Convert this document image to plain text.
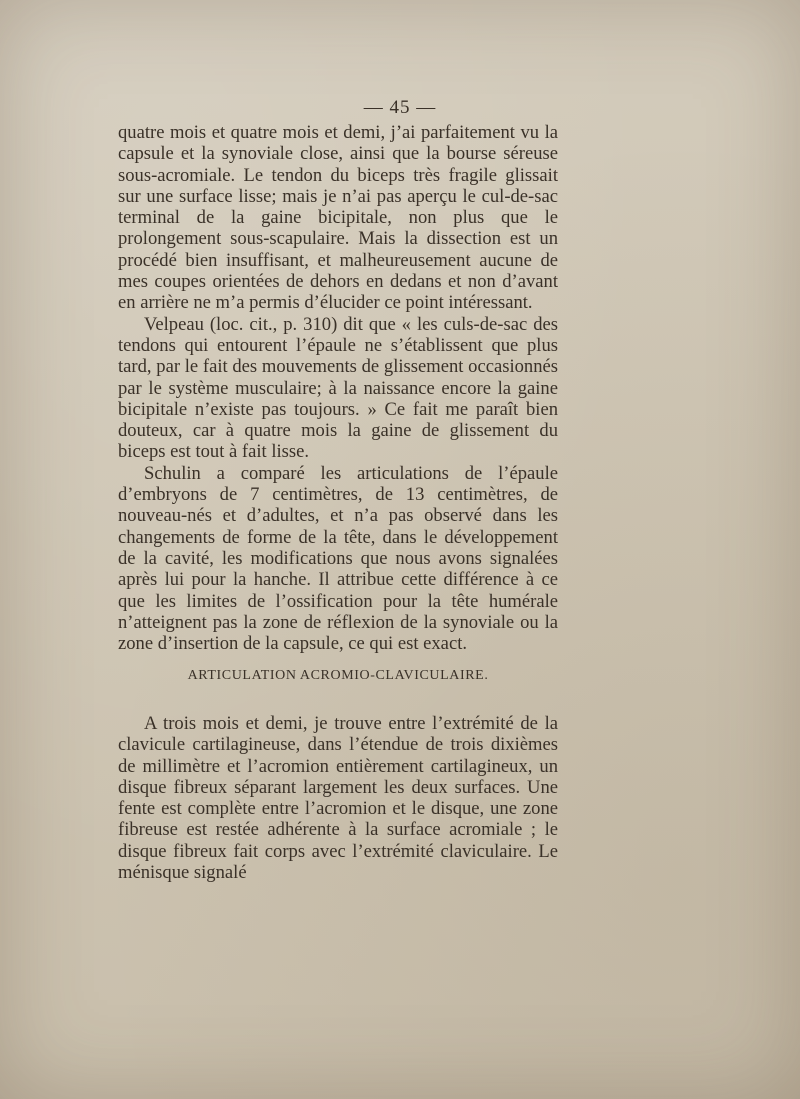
— 45 —

quatre mois et quatre mois et demi, j’ai parfaitement vu la capsule et la synoviale close, ainsi que la bourse séreuse sous-acromiale. Le tendon du biceps très fragile glissait sur une surface lisse; mais je n’ai pas aperçu le cul-de-sac terminal de la gaine bicipitale, non plus que le prolongement sous-scapulaire. Mais la dissection est un procédé bien insuffisant, et malheureusement aucune de mes coupes orientées de dehors en dedans et non d’avant en arrière ne m’a permis d’élucider ce point intéressant.

Velpeau (loc. cit., p. 310) dit que « les culs-de-sac des tendons qui entourent l’épaule ne s’établissent que plus tard, par le fait des mouvements de glissement occasionnés par le système musculaire; à la naissance encore la gaine bicipitale n’existe pas toujours. » Ce fait me paraît bien douteux, car à quatre mois la gaine de glissement du biceps est tout à fait lisse.

Schulin a comparé les articulations de l’épaule d’embryons de 7 centimètres, de 13 centimètres, de nouveau-nés et d’adultes, et n’a pas observé dans les changements de forme de la tête, dans le développement de la cavité, les modifications que nous avons signalées après lui pour la hanche. Il attribue cette différence à ce que les limites de l’ossification pour la tête humérale n’atteignent pas la zone de réflexion de la synoviale ou la zone d’insertion de la capsule, ce qui est exact.

ARTICULATION ACROMIO-CLAVICULAIRE.

A trois mois et demi, je trouve entre l’extrémité de la clavicule cartilagineuse, dans l’étendue de trois dixièmes de millimètre et l’acromion entièrement cartilagineux, un disque fibreux séparant largement les deux surfaces. Une fente est complète entre l’acromion et le disque, une zone fibreuse est restée adhérente à la surface acromiale ; le disque fibreux fait corps avec l’extrémité claviculaire. Le ménisque signalé
